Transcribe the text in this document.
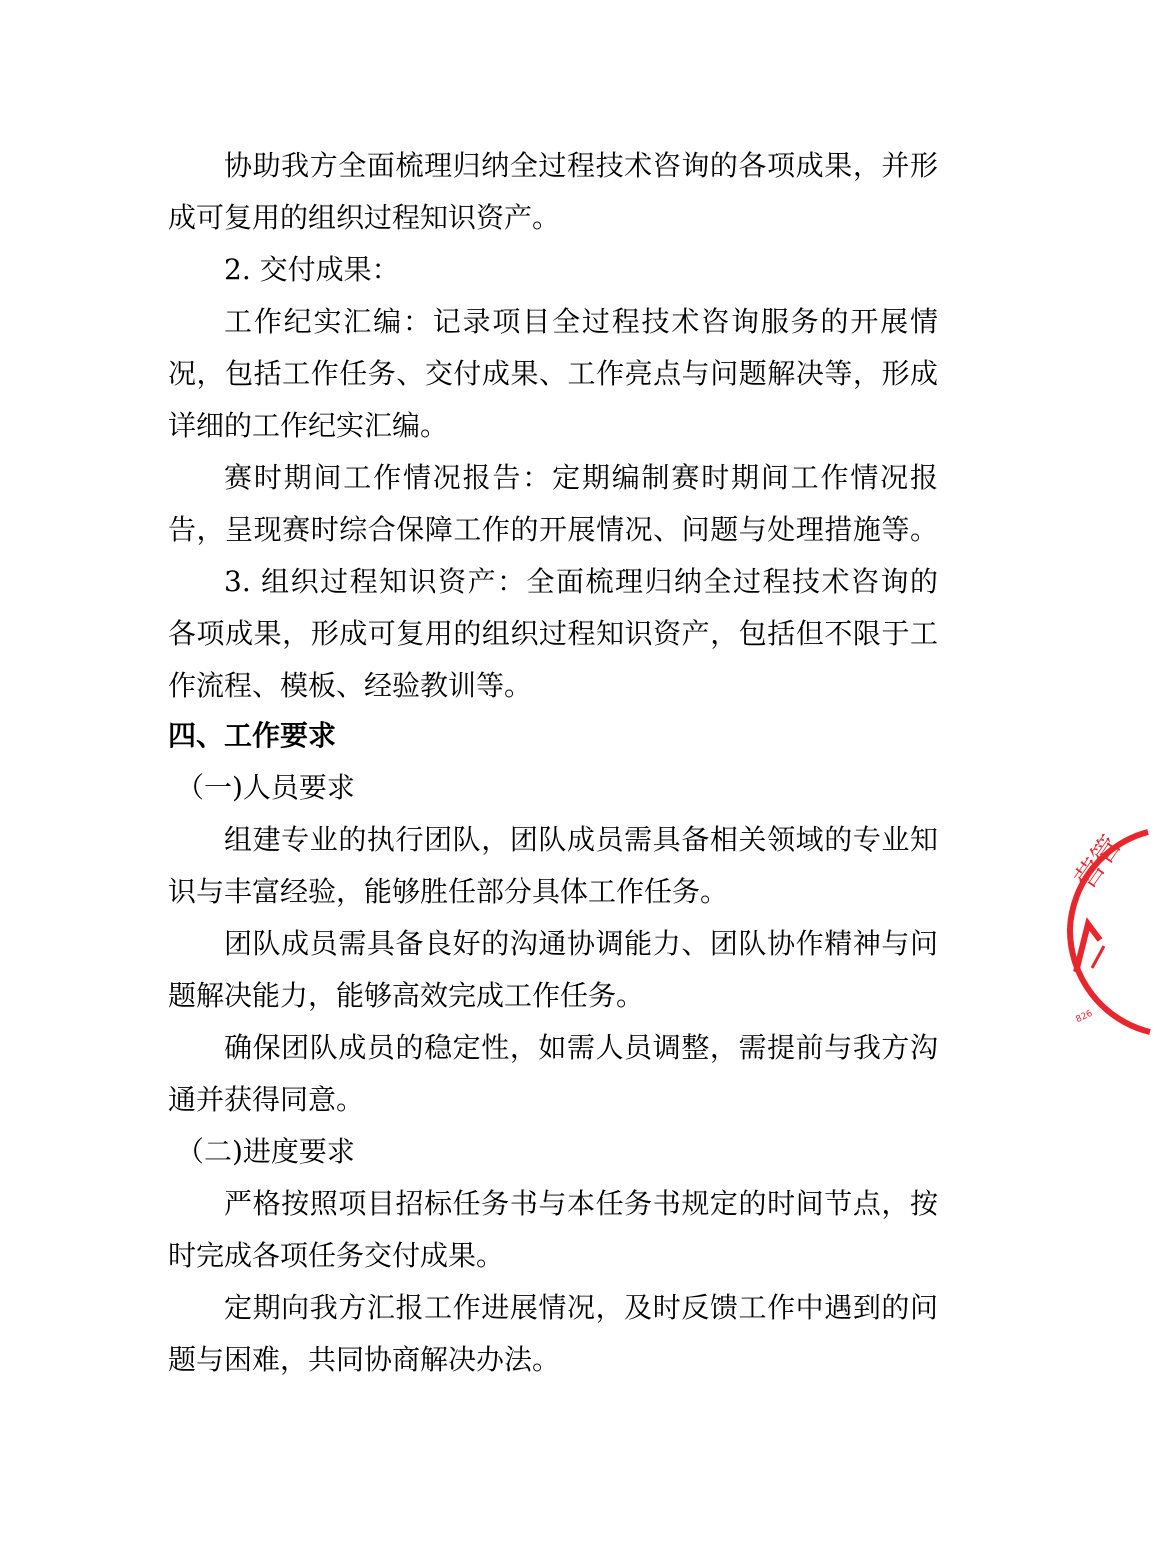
协助我方全面梳理归纳全过程技术咨询的各项成果，并形
成可复用的组织过程知识资产。
2. 交付成果：
工作纪实汇编：记录项目全过程技术咨询服务的开展情
况，包括工作任务、交付成果、工作亮点与问题解决等，形成
详细的工作纪实汇编。
赛时期间工作情况报告：定期编制赛时期间工作情况报
告，呈现赛时综合保障工作的开展情况、问题与处理措施等。
3. 组织过程知识资产：全面梳理归纳全过程技术咨询的
各项成果，形成可复用的组织过程知识资产，包括但不限于工
作流程、模板、经验教训等。
四、工作要求
（一)人员要求
组建专业的执行团队，团队成员需具备相关领域的专业知
识与丰富经验，能够胜任部分具体工作任务。
团队成员需具备良好的沟通协调能力、团队协作精神与问
题解决能力，能够高效完成工作任务。
确保团队成员的稳定性，如需人员调整，需提前与我方沟
通并获得同意。
（二)进度要求
严格按照项目招标任务书与本任务书规定的时间节点，按
时完成各项任务交付成果。
定期向我方汇报工作进展情况，及时反馈工作中遇到的问
题与困难，共同协商解决办法。
营管
826
